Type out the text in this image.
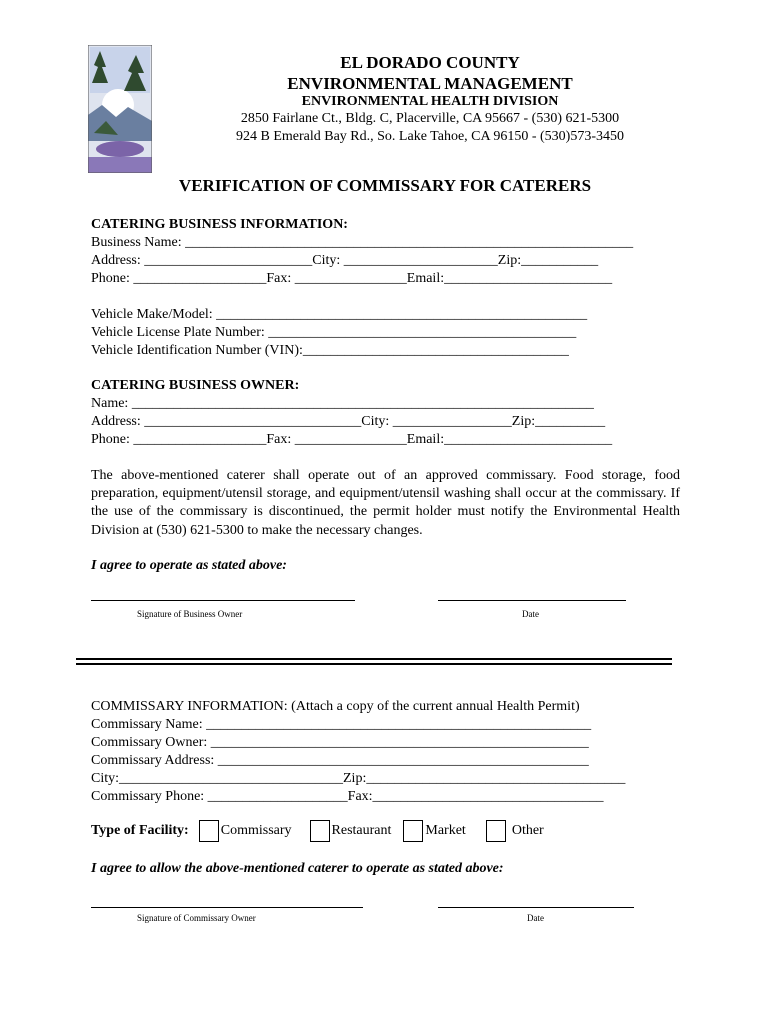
EL DORADO COUNTY
ENVIRONMENTAL MANAGEMENT
ENVIRONMENTAL HEALTH DIVISION
2850 Fairlane Ct., Bldg. C, Placerville, CA 95667 - (530) 621-5300
924 B Emerald Bay Rd., So. Lake Tahoe, CA 96150 - (530)573-3450
VERIFICATION OF COMMISSARY FOR CATERERS
CATERING BUSINESS INFORMATION:
Business Name: ________________________________________________________________
Address: ________________________City: ______________________Zip:___________
Phone: ___________________Fax: ________________Email:________________________
Vehicle Make/Model: _____________________________________________________
Vehicle License Plate Number: ____________________________________________
Vehicle Identification Number (VIN):______________________________________
CATERING BUSINESS OWNER:
Name: __________________________________________________________________
Address: _______________________________City: _________________Zip:__________
Phone: ___________________Fax: ________________Email:________________________
The above-mentioned caterer shall operate out of an approved commissary. Food storage, food preparation, equipment/utensil storage, and equipment/utensil washing shall occur at the commissary. If the use of the commissary is discontinued, the permit holder must notify the Environmental Health Division at (530) 621-5300 to make the necessary changes.
I agree to operate as stated above:
Signature of Business Owner	Date
COMMISSARY INFORMATION: (Attach a copy of the current annual Health Permit)
Commissary Name: _______________________________________________________
Commissary Owner: ______________________________________________________
Commissary Address: _____________________________________________________
City:________________________________Zip:_____________________________________
Commissary Phone: ____________________Fax:_________________________________
Type of Facility: Commissary	Restaurant Market	Other
I agree to allow the above-mentioned caterer to operate as stated above:
Signature of Commissary Owner	Date
